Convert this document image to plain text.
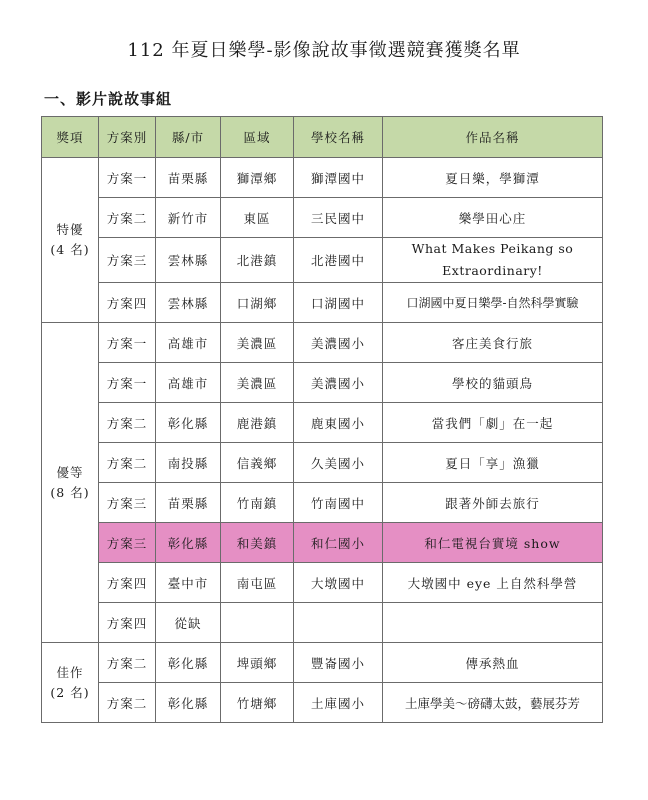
112 年夏日樂學-影像說故事徵選競賽獲獎名單
一、影片說故事組
獎項	方案別	縣/市	區域	學校名稱	作品名稱
特優
(4 名)	方案一	苗栗縣	獅潭鄉	獅潭國中	夏日樂，學獅潭
	方案二	新竹市	東區	三民國中	樂學田心庄
	方案三	雲林縣	北港鎮	北港國中	What Makes Peikang so Extraordinary!
	方案四	雲林縣	口湖鄉	口湖國中	口湖國中夏日樂學-自然科學實驗
優等
(8 名)	方案一	高雄市	美濃區	美濃國小	客庄美食行旅
	方案一	高雄市	美濃區	美濃國小	學校的貓頭鳥
	方案二	彰化縣	鹿港鎮	鹿東國小	當我們「劇」在一起
	方案二	南投縣	信義鄉	久美國小	夏日「享」漁獵
	方案三	苗栗縣	竹南鎮	竹南國中	跟著外師去旅行
	方案三	彰化縣	和美鎮	和仁國小	和仁電視台實境 show
	方案四	臺中市	南屯區	大墩國中	大墩國中 eye 上自然科學營
	方案四	從缺			
佳作
(2 名)	方案二	彰化縣	埤頭鄉	豐崙國小	傳承熱血
	方案二	彰化縣	竹塘鄉	土庫國小	土庫學美～磅礴太鼓，藝展芬芳
